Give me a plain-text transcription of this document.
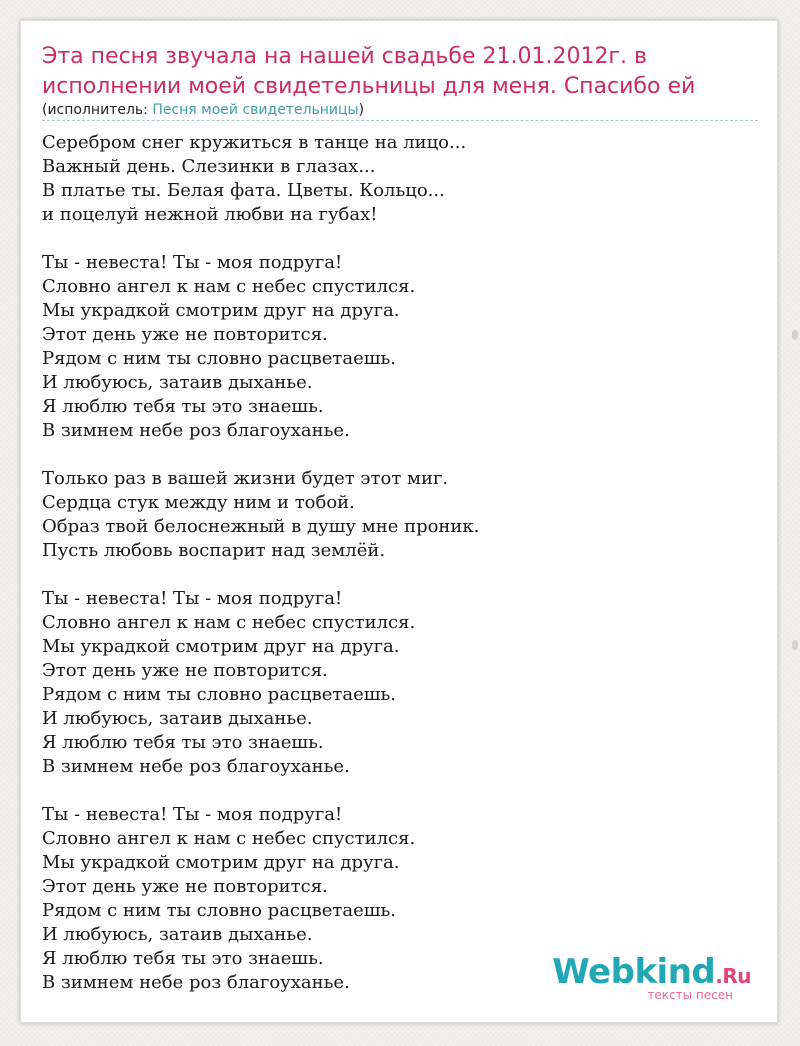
Эта песня звучала на нашей свадьбе 21.01.2012г. в исполнении моей свидетельницы для меня. Спасибо ей
(исполнитель: Песня моей свидетельницы)
Серебром снег кружиться в танце на лицо...
Важный день. Слезинки в глазах...
В платье ты. Белая фата. Цветы. Кольцо...
и поцелуй нежной любви на губах!
Ты - невеста! Ты - моя подруга!
Словно ангел к нам с небес спустился.
Мы украдкой смотрим друг на друга.
Этот день уже не повторится.
Рядом с ним ты словно расцветаешь.
И любуюсь, затаив дыханье.
Я люблю тебя ты это знаешь.
В зимнем небе роз благоуханье.
Только раз в вашей жизни будет этот миг.
Сердца стук между ним и тобой.
Образ твой белоснежный в душу мне проник.
Пусть любовь воспарит над землёй.
Ты - невеста! Ты - моя подруга!
Словно ангел к нам с небес спустился.
Мы украдкой смотрим друг на друга.
Этот день уже не повторится.
Рядом с ним ты словно расцветаешь.
И любуюсь, затаив дыханье.
Я люблю тебя ты это знаешь.
В зимнем небе роз благоуханье.
Ты - невеста! Ты - моя подруга!
Словно ангел к нам с небес спустился.
Мы украдкой смотрим друг на друга.
Этот день уже не повторится.
Рядом с ним ты словно расцветаешь.
И любуюсь, затаив дыханье.
Я люблю тебя ты это знаешь.
В зимнем небе роз благоуханье.	Webkind.Ru
тексты песен
